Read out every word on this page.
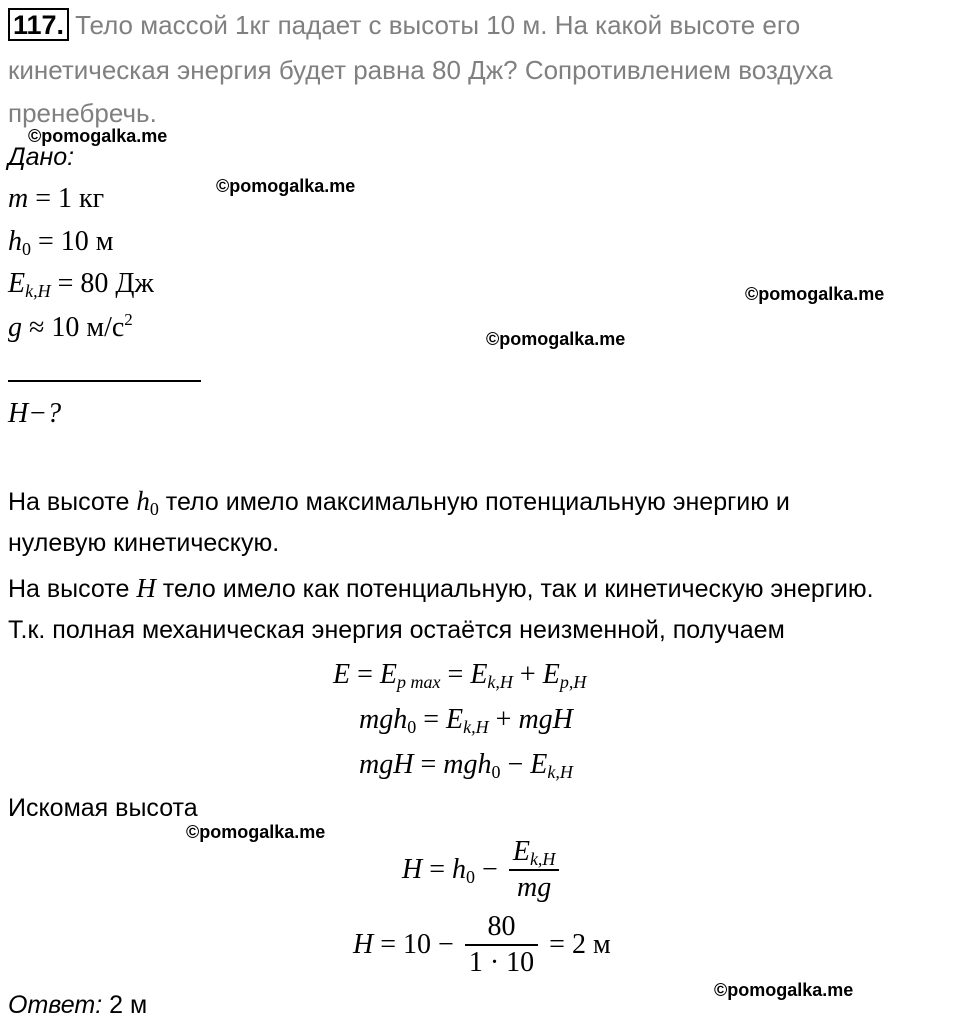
117. Тело массой 1кг падает с высоты 10 м. На какой высоте его
кинетическая энергия будет равна 80 Дж? Сопротивлением воздуха
пренебречь.
©pomogalka.me
©pomogalka.me
©pomogalka.me
©pomogalka.me
©pomogalka.me
©pomogalka.me
Дано:
m = 1 кг
$h_0 = 10$ м
$E_{k,H} = 80$ Дж
g ≈ 10 $м/с^2$
H−?
На высоте $h_0$ тело имело максимальную потенциальную энергию и
нулевую кинетическую.
На высоте H тело имело как потенциальную, так и кинетическую энергию.
Т.к. полная механическая энергия остаётся неизменной, получаем
$E = E_{p max} = E_{k,H} + E_{p,H}$
$mgh_0 = E_{k,H}$ + mgH
mgH = $mgh_0 - E_{k,H}$
Искомая высота
$H = h_0 - \frac{E_{k,H}}{mg}$
$H = 10 - \frac{80}{1 \cdot 10} = 2$ м
Ответ: 2 м
